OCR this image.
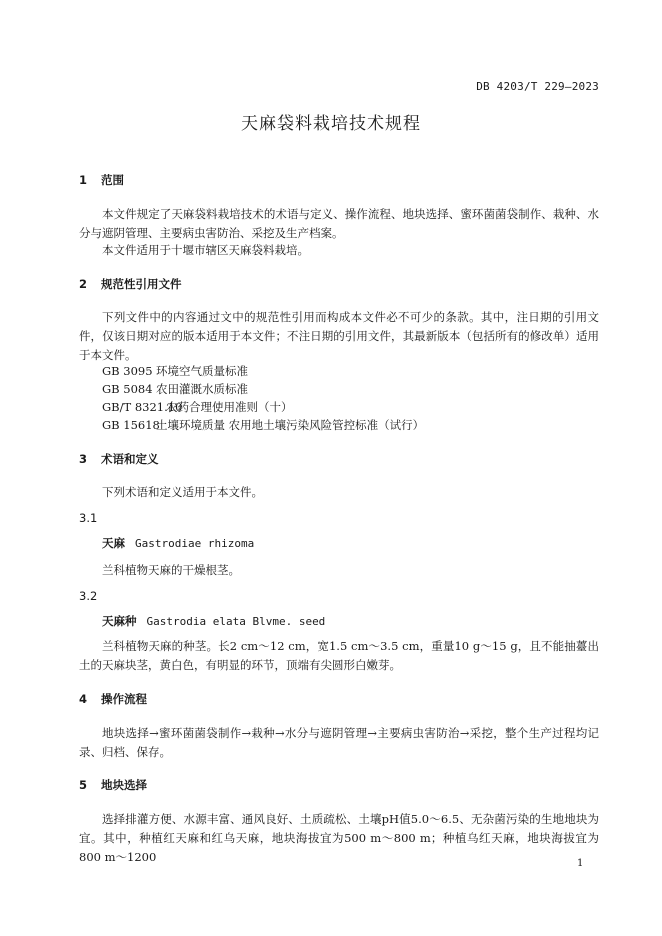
DB 4203/T 229—2023
天麻袋料栽培技术规程
1 范围

本文件规定了天麻袋料栽培技术的术语与定义、操作流程、地块选择、蜜环菌菌袋制作、栽种、水分与遮阴管理、主要病虫害防治、采挖及生产档案。

本文件适用于十堰市辖区天麻袋料栽培。

2 规范性引用文件

下列文件中的内容通过文中的规范性引用而构成本文件必不可少的条款。其中，注日期的引用文件，仅该日期对应的版本适用于本文件；不注日期的引用文件，其最新版本（包括所有的修改单）适用于本文件。

GB 3095 环境空气质量标准
GB 5084 农田灌溉水质标准
GB/T 8321.10农药合理使用准则（十）
GB 15618土壤环境质量 农用地土壤污染风险管控标准（试行）
3 术语和定义

下列术语和定义适用于本文件。

3.1
天麻 Gastrodiae rhizoma

兰科植物天麻的干燥根茎。

3.2
天麻种 Gastrodia elata Blvme. seed

兰科植物天麻的种茎。长2 cm～12 cm，宽1.5 cm～3.5 cm，重量10 g～15 g，且不能抽薹出土的天麻块茎，黄白色，有明显的环节，顶端有尖圆形白嫩芽。

4 操作流程

地块选择→蜜环菌菌袋制作→栽种→水分与遮阴管理→主要病虫害防治→采挖，整个生产过程均记录、归档、保存。

5 地块选择

选择排灌方便、水源丰富、通风良好、土质疏松、土壤pH值5.0～6.5、无杂菌污染的生地地块为宜。其中，种植红天麻和红乌天麻，地块海拔宜为500 m～800 m；种植乌红天麻，地块海拔宜为800 m～1200	1
